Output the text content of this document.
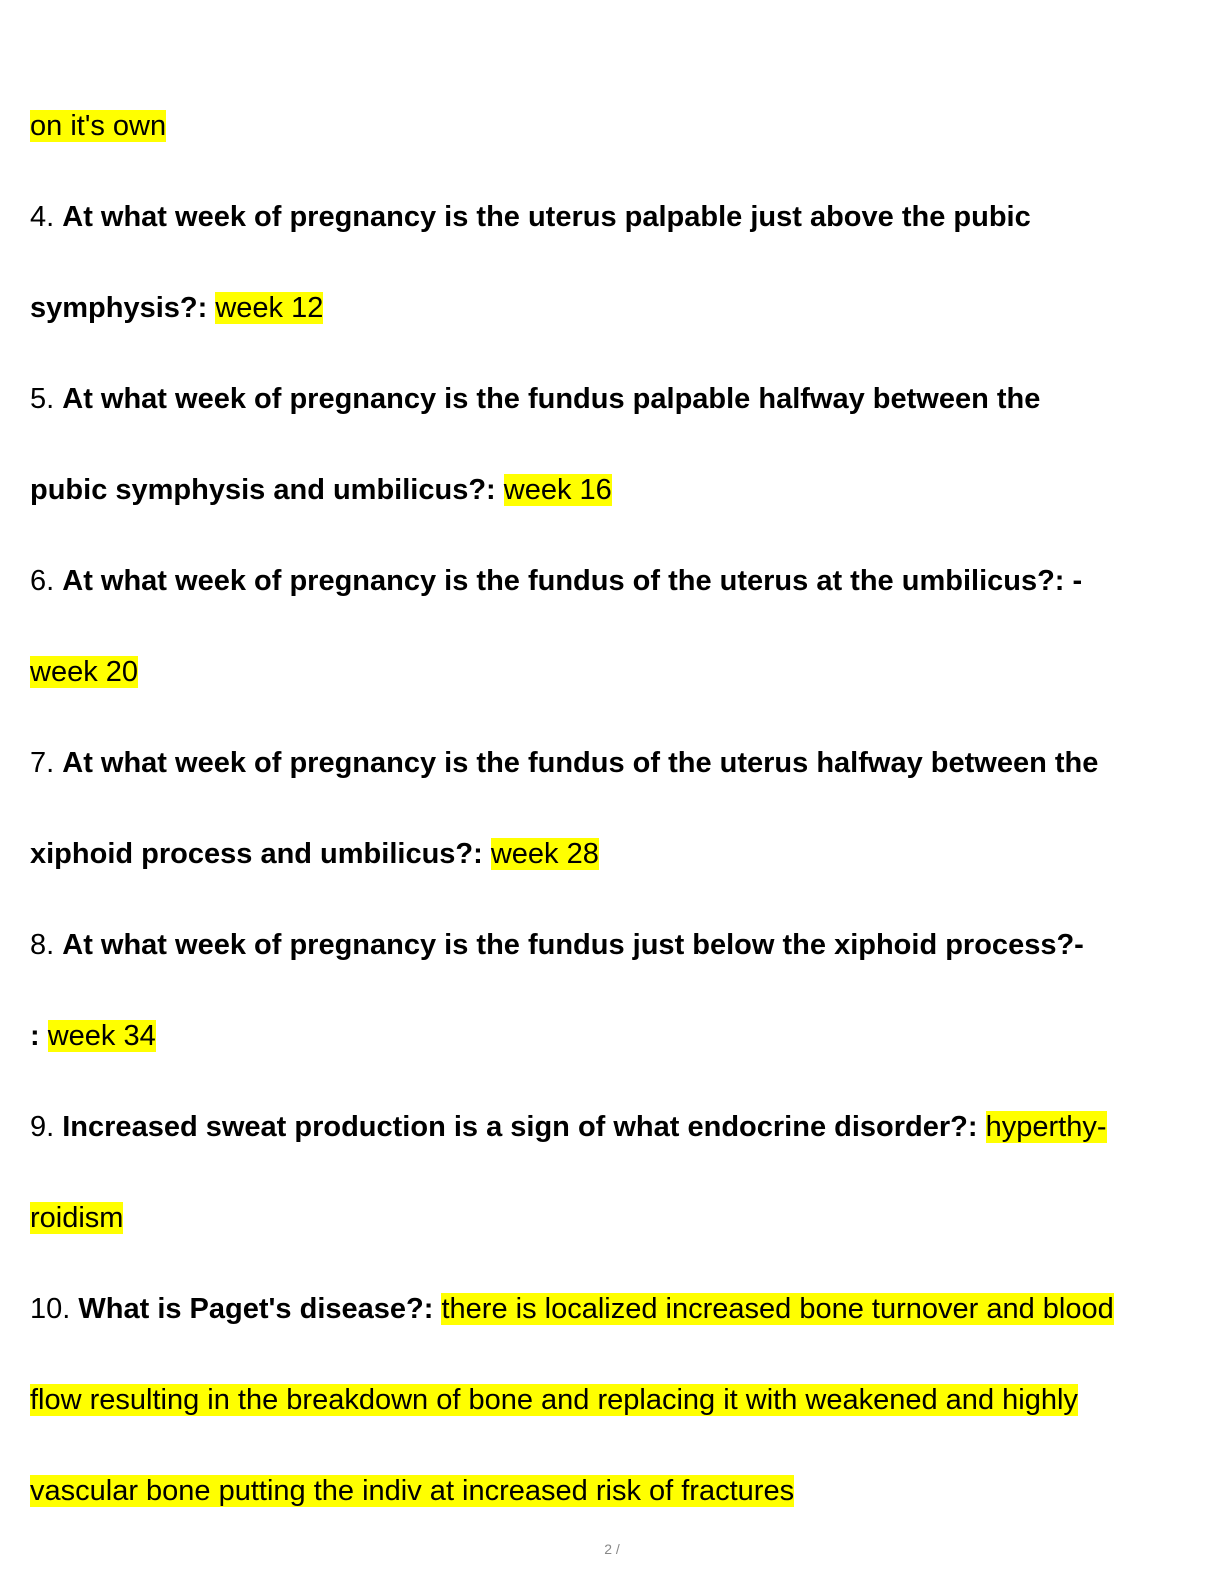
on it's own
4. At what week of pregnancy is the uterus palpable just above the pubic
symphysis?: week 12
5. At what week of pregnancy is the fundus palpable halfway between the
pubic symphysis and umbilicus?: week 16
6. At what week of pregnancy is the fundus of the uterus at the umbilicus?: -
week 20
7. At what week of pregnancy is the fundus of the uterus halfway between the
xiphoid process and umbilicus?: week 28
8. At what week of pregnancy is the fundus just below the xiphoid process?-
: week 34
9. Increased sweat production is a sign of what endocrine disorder?: hyperthy-
roidism
10. What is Paget's disease?: there is localized increased bone turnover and blood
flow resulting in the breakdown of bone and replacing it with weakened and highly
vascular bone putting the indiv at increased risk of fractures
2 /
